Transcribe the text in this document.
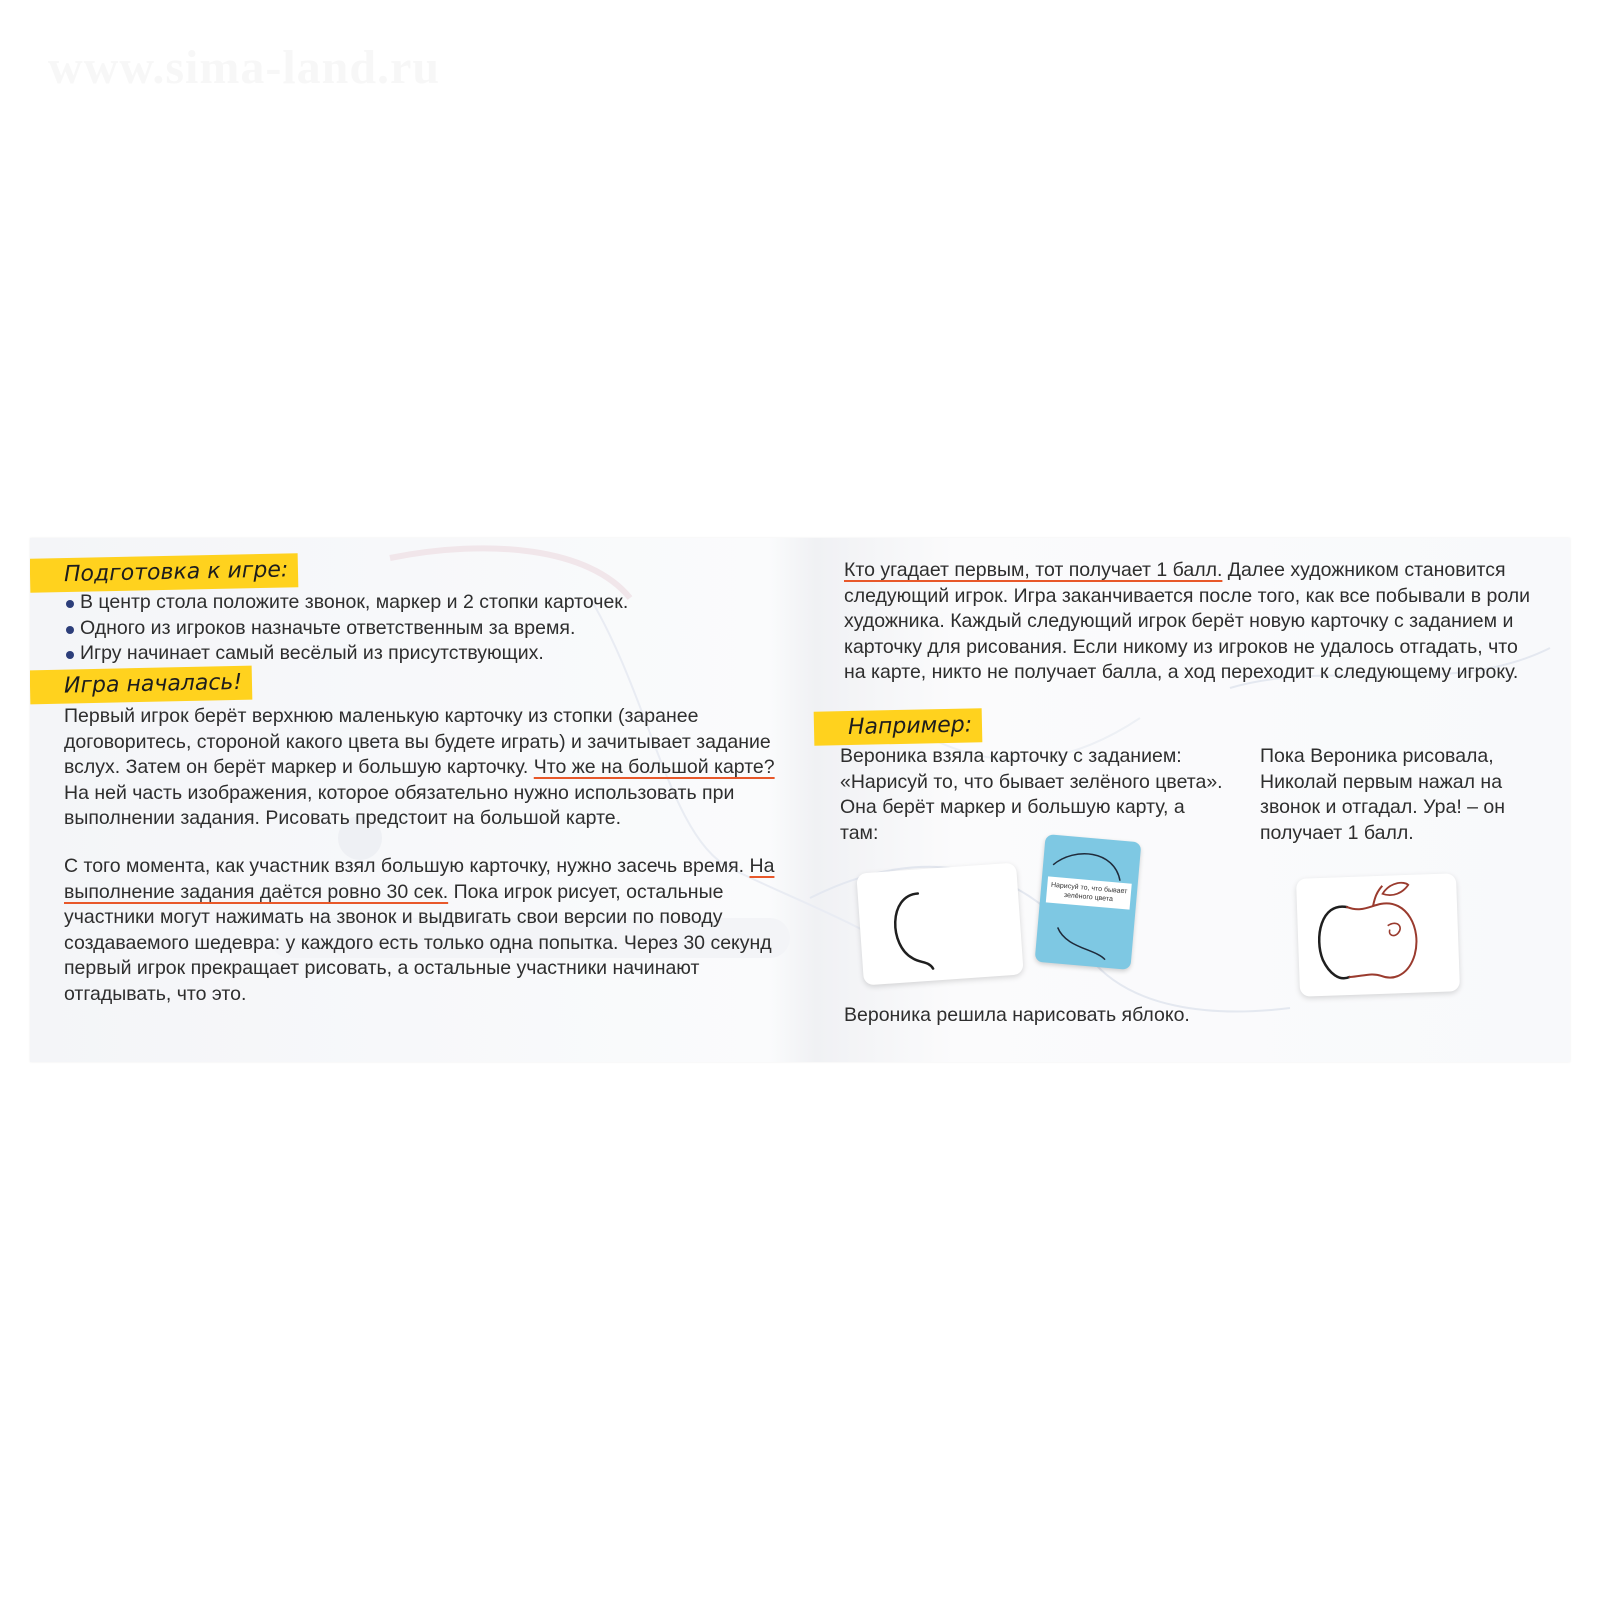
www.sima-land.ru
Подготовка к игре:
В центр стола положите звонок, маркер и 2 стопки карточек.
Одного из игроков назначьте ответственным за время.
Игру начинает самый весёлый из присутствующих.
Игра началась!

Первый игрок берёт верхнюю маленькую карточку из стопки (заранее договоритесь, стороной какого цвета вы будете играть) и зачитывает задание вслух. Затем он берёт маркер и большую карточку. Что же на большой карте? На ней часть изображения, которое обязательно нужно использовать при выполнении задания. Рисовать предстоит на большой карте.

С того момента, как участник взял большую карточку, нужно засечь время. На выполнение задания даётся ровно 30 сек. Пока игрок рисует, остальные участники могут нажимать на звонок и выдвигать свои версии по поводу создаваемого шедевра: у каждого есть только одна попытка. Через 30 секунд первый игрок прекращает рисовать, а остальные участники начинают отгадывать, что это.

Кто угадает первым, тот получает 1 балл. Далее художником становится следующий игрок. Игра заканчивается после того, как все побывали в роли художника. Каждый следующий игрок берёт новую карточку с заданием и карточку для рисования. Если никому из игроков не удалось отгадать, что на карте, никто не получает балла, а ход переходит к следующему игроку.

Например:

Вероника взяла карточку с заданием: «Нарисуй то, что бывает зелёного цвета». Она берёт маркер и большую карту, а там:

Пока Вероника рисовала, Николай первым нажал на звонок и отгадал. Ура! – он получает 1 балл.

Вероника решила нарисовать яблоко.

Нарисуй то, что бывает зелёного цвета
